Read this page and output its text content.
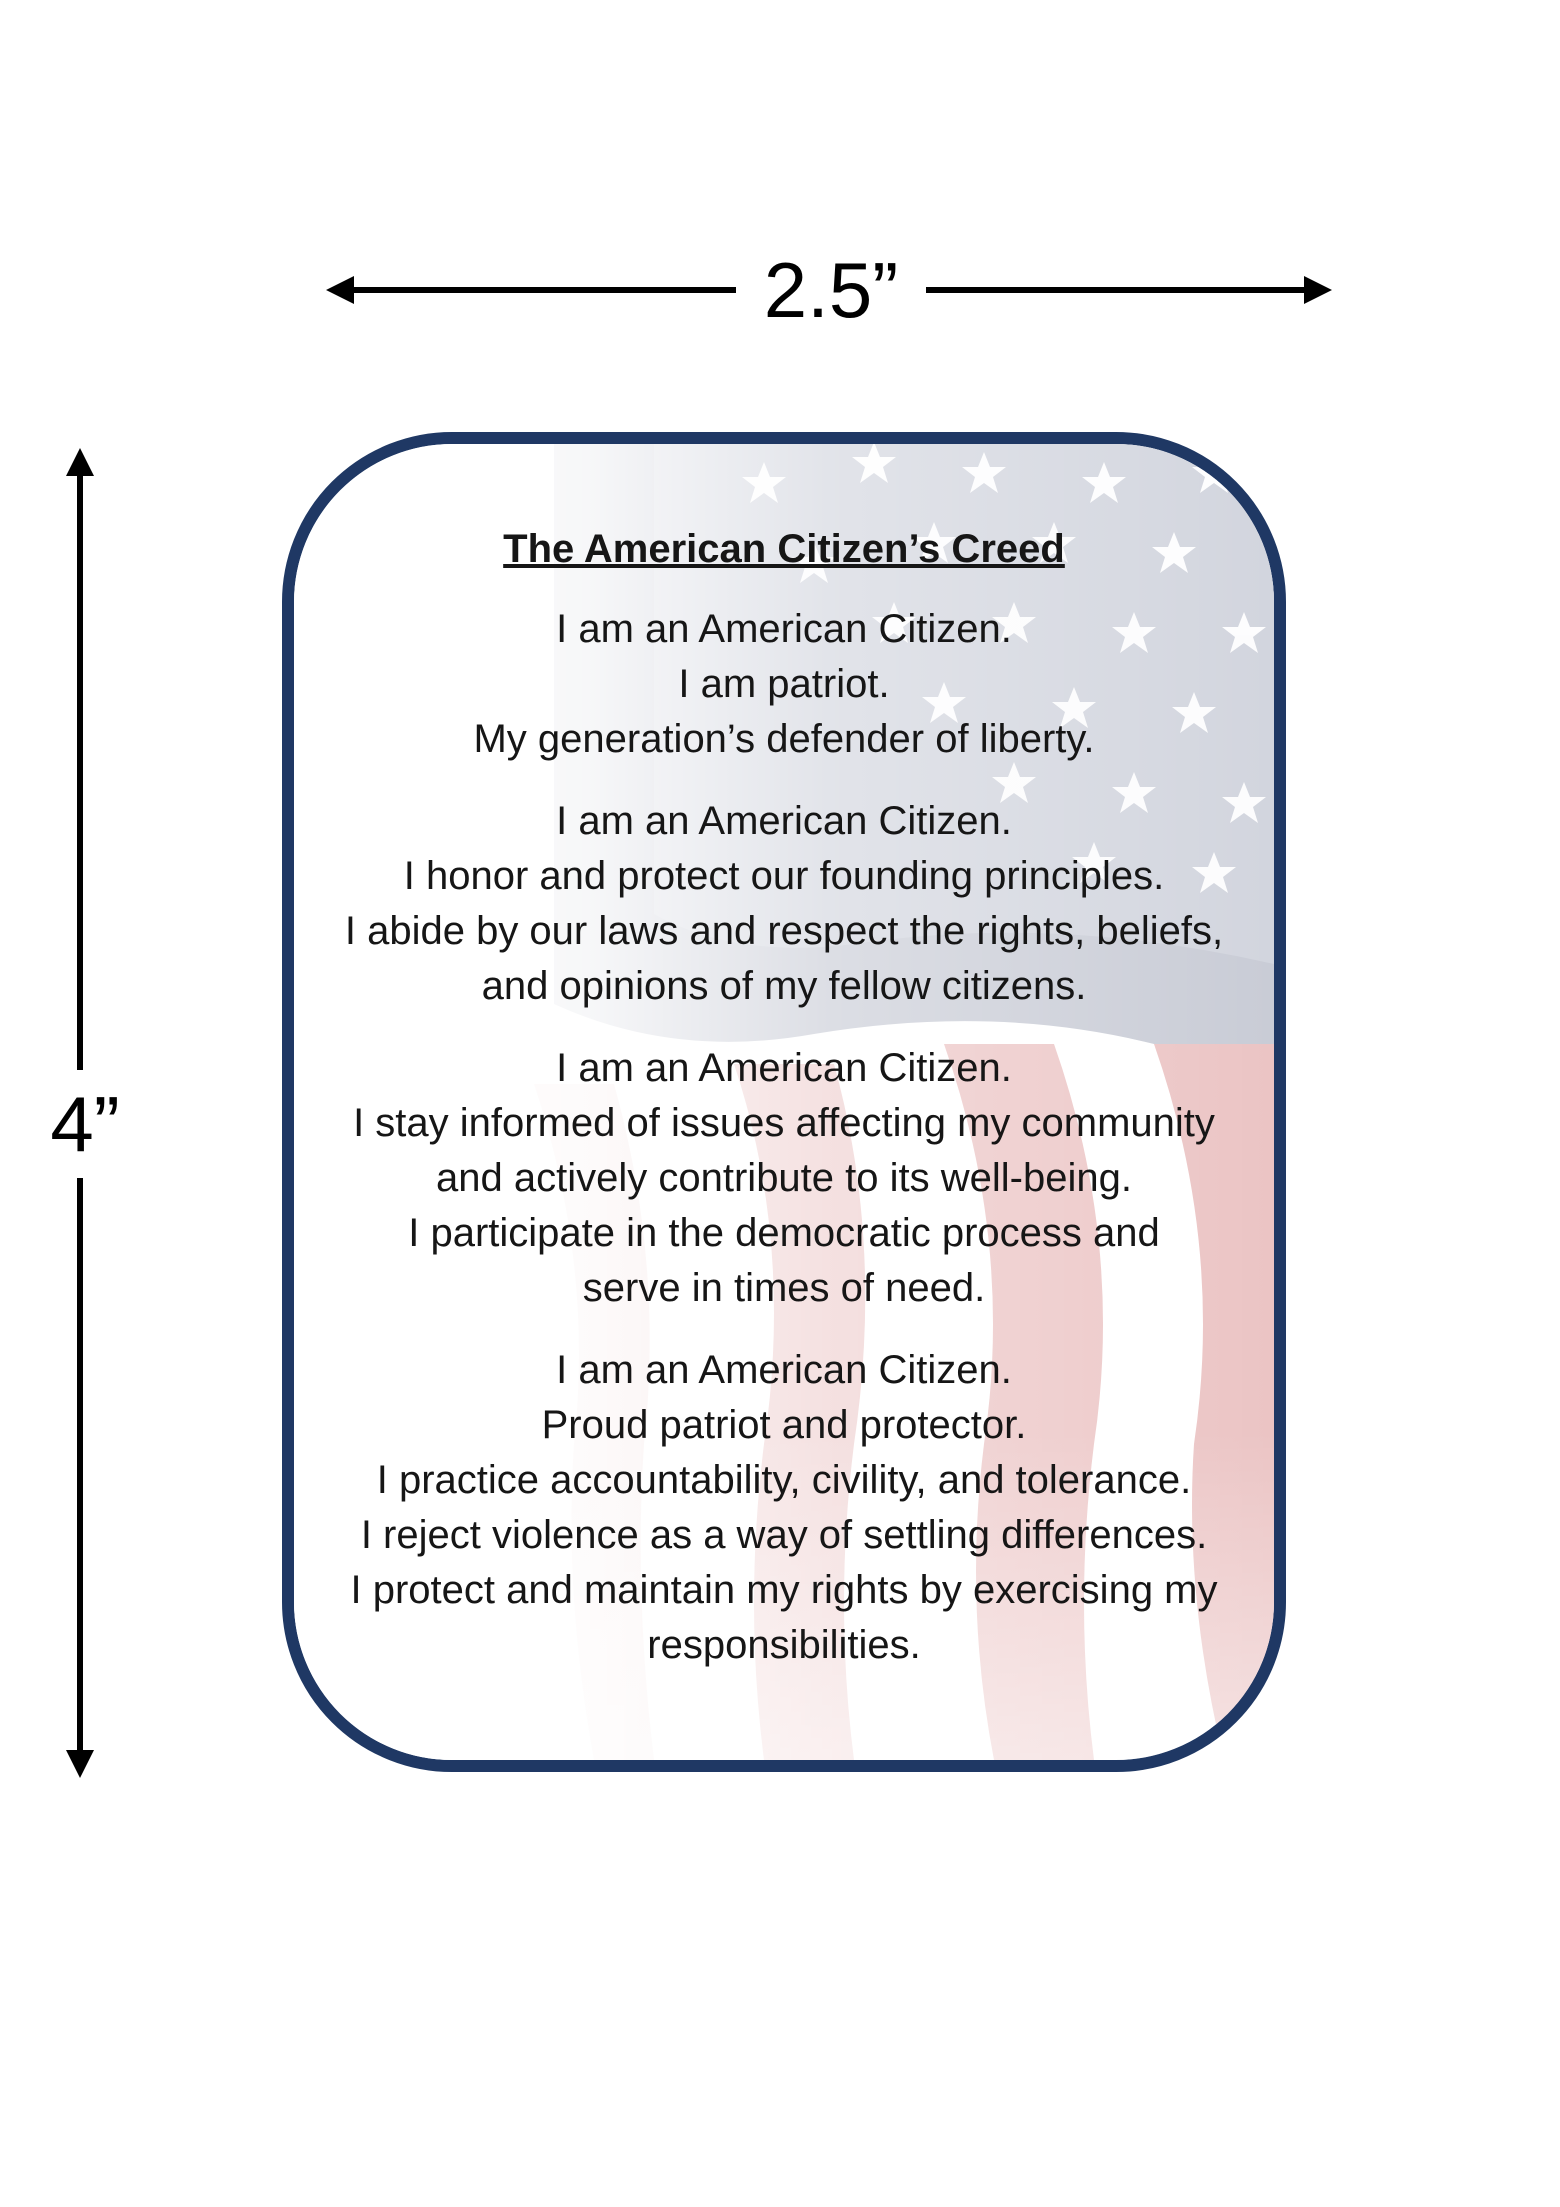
2.5”
4”
The American Citizen’s Creed
I am an American Citizen.
I am patriot.
My generation’s defender of liberty.
I am an American Citizen.
I honor and protect our founding principles.
I abide by our laws and respect the rights, beliefs,
and opinions of my fellow citizens.
I am an American Citizen.
I stay informed of issues affecting my community
and actively contribute to its well-being.
I participate in the democratic process and
serve in times of need.
I am an American Citizen.
Proud patriot and protector.
I practice accountability, civility, and tolerance.
I reject violence as a way of settling differences.
I protect and maintain my rights by exercising my
responsibilities.
